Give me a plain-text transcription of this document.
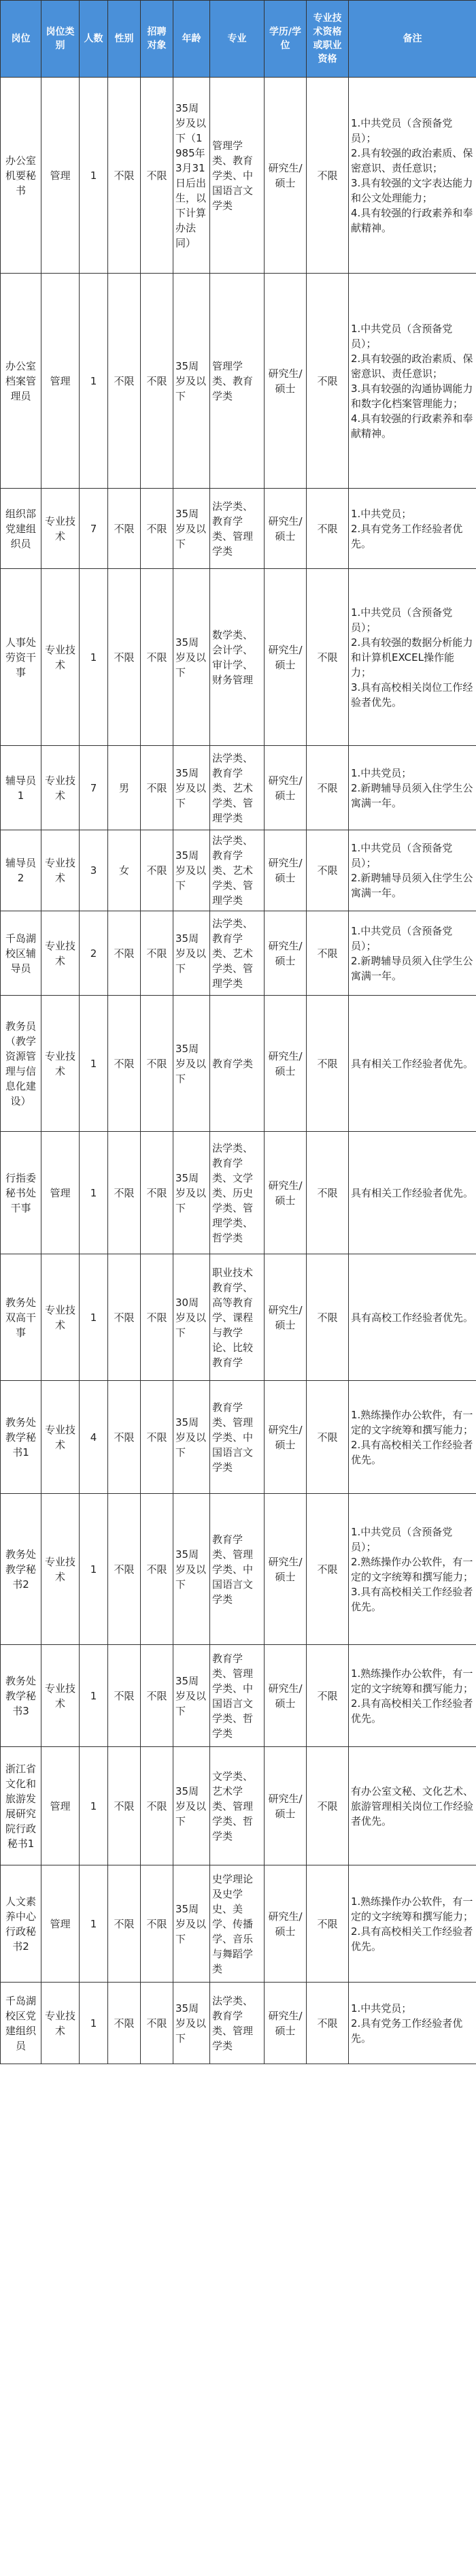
岗位	岗位类别	人数	性别	招聘对象	年龄	专业	学历/学位	专业技术资格或职业资格	备注
办公室机要秘书	管理	1	不限	不限	35周岁及以下（1985年3月31日后出生，以下计算办法同）	管理学类、教育学类、中国语言文学类	研究生/硕士	不限	1.中共党员（含预备党员）；
2.具有较强的政治素质、保密意识、责任意识；
3.具有较强的文字表达能力和公文处理能力；
4.具有较强的行政素养和奉献精神。

办公室档案管理员	管理	1	不限	不限	35周岁及以下	管理学类、教育学类	研究生/硕士	不限	1.中共党员（含预备党员）；
2.具有较强的政治素质、保密意识、责任意识；
3.具有较强的沟通协调能力和数字化档案管理能力；
4.具有较强的行政素养和奉献精神。

组织部党建组织员	专业技术	7	不限	不限	35周岁及以下	法学类、教育学类、管理学类	研究生/硕士	不限	1.中共党员；
2.具有党务工作经验者优先。

人事处劳资干事	专业技术	1	不限	不限	35周岁及以下	数学类、会计学、审计学、财务管理	研究生/硕士	不限	1.中共党员（含预备党员）；
2.具有较强的数据分析能力和计算机EXCEL操作能力；
3.具有高校相关岗位工作经验者优先。

辅导员1	专业技术	7	男	不限	35周岁及以下	法学类、教育学类、艺术学类、管理学类	研究生/硕士	不限	1.中共党员；
2.新聘辅导员须入住学生公寓满一年。

辅导员2	专业技术	3	女	不限	35周岁及以下	法学类、教育学类、艺术学类、管理学类	研究生/硕士	不限	1.中共党员（含预备党员）；
2.新聘辅导员须入住学生公寓满一年。

千岛湖校区辅导员	专业技术	2	不限	不限	35周岁及以下	法学类、教育学类、艺术学类、管理学类	研究生/硕士	不限	1.中共党员（含预备党员）；
2.新聘辅导员须入住学生公寓满一年。

教务员（教学资源管理与信息化建设）	专业技术	1	不限	不限	35周岁及以下	教育学类	研究生/硕士	不限	具有相关工作经验者优先。

行指委秘书处干事	管理	1	不限	不限	35周岁及以下	法学类、教育学类、文学类、历史学类、管理学类、哲学类	研究生/硕士	不限	具有相关工作经验者优先。

教务处双高干事	专业技术	1	不限	不限	30周岁及以下	职业技术教育学、高等教育学、课程与教学论、比较教育学	研究生/硕士	不限	具有高校工作经验者优先。

教务处教学秘书1	专业技术	4	不限	不限	35周岁及以下	教育学类、管理学类、中国语言文学类	研究生/硕士	不限	1.熟练操作办公软件，有一定的文字统筹和撰写能力；
2.具有高校相关工作经验者优先。

教务处教学秘书2	专业技术	1	不限	不限	35周岁及以下	教育学类、管理学类、中国语言文学类	研究生/硕士	不限	1.中共党员（含预备党员）；
2.熟练操作办公软件，有一定的文字统筹和撰写能力；
3.具有高校相关工作经验者优先。

教务处教学秘书3	专业技术	1	不限	不限	35周岁及以下	教育学类、管理学类、中国语言文学类、哲学类	研究生/硕士	不限	1.熟练操作办公软件，有一定的文字统筹和撰写能力；
2.具有高校相关工作经验者优先。

浙江省文化和旅游发展研究院行政秘书1	管理	1	不限	不限	35周岁及以下	文学类、艺术学类、管理学类、哲学类	研究生/硕士	不限	有办公室文秘、文化艺术、旅游管理相关岗位工作经验者优先。

人文素养中心行政秘书2	管理	1	不限	不限	35周岁及以下	史学理论及史学史、美学、传播学、音乐与舞蹈学类	研究生/硕士	不限	1.熟练操作办公软件，有一定的文字统筹和撰写能力；
2.具有高校相关工作经验者优先。

千岛湖校区党建组织员	专业技术	1	不限	不限	35周岁及以下	法学类、教育学类、管理学类	研究生/硕士	不限	1.中共党员；
2.具有党务工作经验者优先。
